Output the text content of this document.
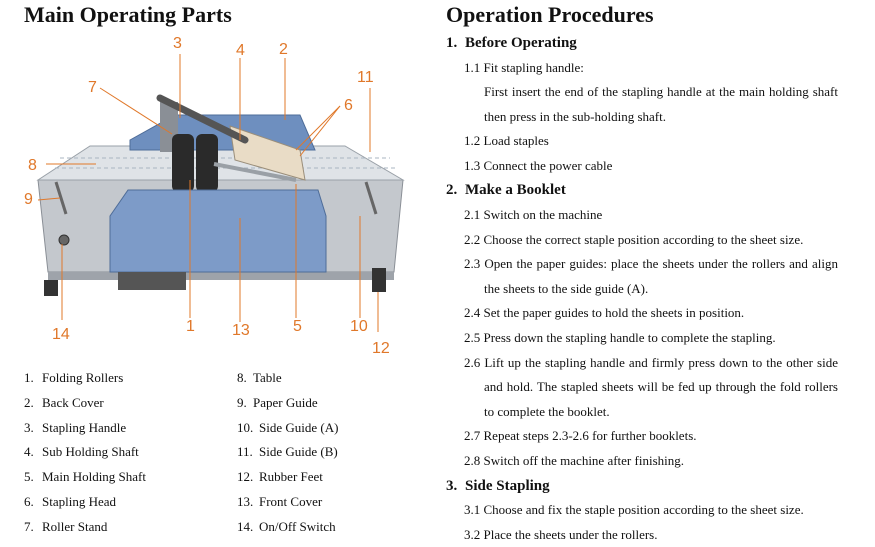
Main Operating Parts	Operation Procedures
3	4 2
11
7
6
8
9
14	1 13	5	10
12
1. Folding Rollers
2. Back Cover
3. Stapling Handle
4. Sub Holding Shaft
5. Main Holding Shaft
6. Stapling Head
7. Roller Stand
8. Table
9. Paper Guide
10. Side Guide (A)
11. Side Guide (B)
12. Rubber Feet
13. Front Cover
14. On/Off Switch
1. Before Operating
1.1 Fit stapling handle:
First insert the end of the stapling handle at the main holding shaft
then press in the sub-holding shaft.
1.2 Load staples
1.3 Connect the power cable
2. Make a Booklet
2.1 Switch on the machine
2.2 Choose the correct staple position according to the sheet size.
2.3 Open the paper guides: place the sheets under the rollers and align
the sheets to the side guide (A).
2.4 Set the paper guides to hold the sheets in position.
2.5 Press down the stapling handle to complete the stapling.
2.6 Lift up the stapling handle and firmly press down to the other side
and hold. The stapled sheets will be fed up through the fold rollers
to complete the booklet.
2.7 Repeat steps 2.3-2.6 for further booklets.
2.8 Switch off the machine after finishing.
3. Side Stapling
3.1 Choose and fix the staple position according to the sheet size.
3.2 Place the sheets under the rollers.
